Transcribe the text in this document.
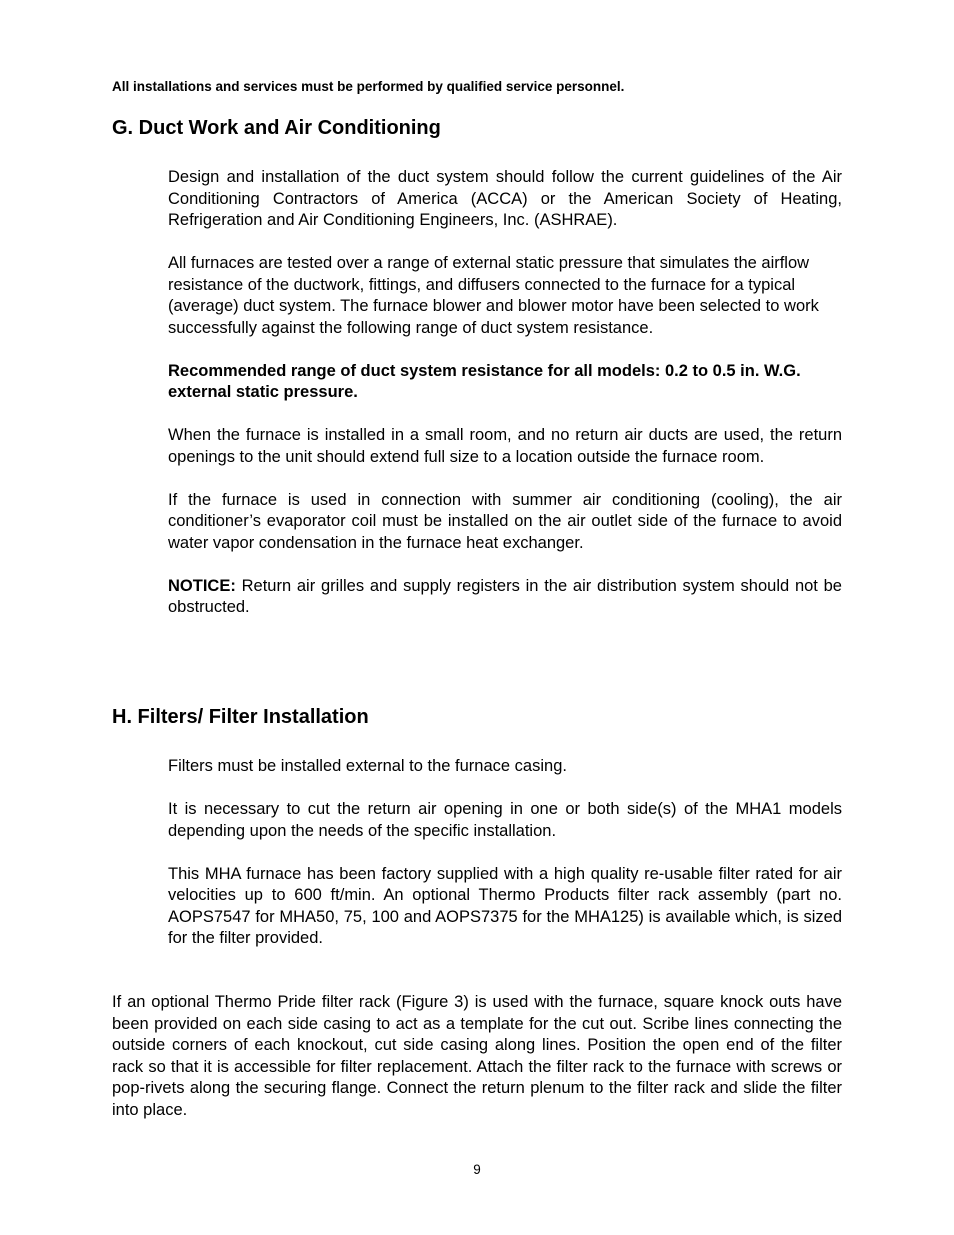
All installations and services must be performed by qualified service personnel.

G. Duct Work and Air Conditioning

Design and installation of the duct system should follow the current guidelines of the Air Conditioning Contractors of America (ACCA) or the American Society of Heating, Refrigeration and Air Conditioning Engineers, Inc. (ASHRAE).

All furnaces are tested over a range of external static pressure that simulates the airflow resistance of the ductwork, fittings, and diffusers connected to the furnace for a typical (average) duct system. The furnace blower and blower motor have been selected to work successfully against the following range of duct system resistance.

Recommended range of duct system resistance for all models: 0.2 to 0.5 in. W.G. external static pressure.

When the furnace is installed in a small room, and no return air ducts are used, the return openings to the unit should extend full size to a location outside the furnace room.

If the furnace is used in connection with summer air conditioning (cooling), the air conditioner’s evaporator coil must be installed on the air outlet side of the furnace to avoid water vapor condensation in the furnace heat exchanger.

NOTICE: Return air grilles and supply registers in the air distribution system should not be obstructed.

H. Filters/ Filter Installation

Filters must be installed external to the furnace casing.

It is necessary to cut the return air opening in one or both side(s) of the MHA1 models depending upon the needs of the specific installation.

This MHA furnace has been factory supplied with a high quality re-usable filter rated for air velocities up to 600 ft/min. An optional Thermo Products filter rack assembly (part no. AOPS7547 for MHA50, 75, 100 and AOPS7375 for the MHA125) is available which, is sized for the filter provided.

If an optional Thermo Pride filter rack (Figure 3) is used with the furnace, square knock outs have been provided on each side casing to act as a template for the cut out. Scribe lines connecting the outside corners of each knockout, cut side casing along lines. Position the open end of the filter rack so that it is accessible for filter replacement. Attach the filter rack to the furnace with screws or pop-rivets along the securing flange. Connect the return plenum to the filter rack and slide the filter into place.

9
